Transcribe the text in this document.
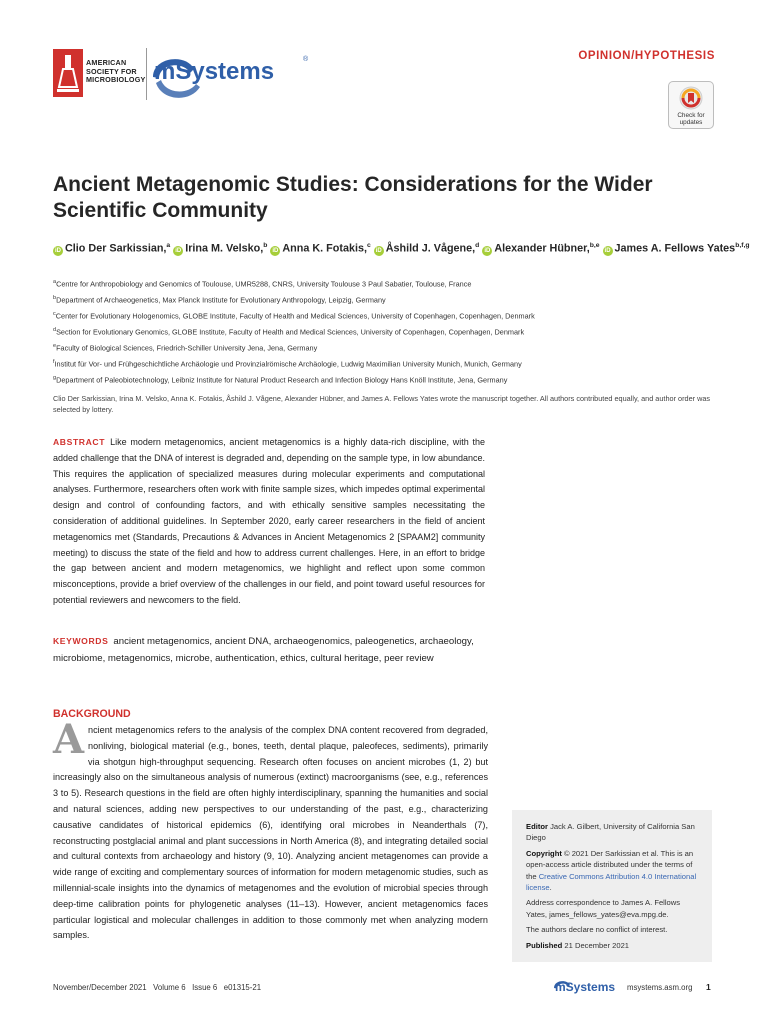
AMERICAN SOCIETY FOR MICROBIOLOGY mSystems	®	OPINION/HYPOTHESIS
Check for updates
Ancient Metagenomic Studies: Considerations for the Wider Scientific Community
iD Clio Der Sarkissian,$^a$ iD Irina M. Velsko,$^b$ iD Anna K. Fotakis,$^c$ iD Åshild J. Vågene,$^d$ iD Alexander Hübner,$^{b,e}$ iD James A. Fellows Yates$^{b,f,g}$
$^a$Centre for Anthropobiology and Genomics of Toulouse, UMR5288, CNRS, University Toulouse 3 Paul Sabatier, Toulouse, France
$^b$Department of Archaeogenetics, Max Planck Institute for Evolutionary Anthropology, Leipzig, Germany
$^c$Center for Evolutionary Hologenomics, GLOBE Institute, Faculty of Health and Medical Sciences, University of Copenhagen, Copenhagen, Denmark
$^d$Section for Evolutionary Genomics, GLOBE Institute, Faculty of Health and Medical Sciences, University of Copenhagen, Copenhagen, Denmark
$^e$Faculty of Biological Sciences, Friedrich-Schiller University Jena, Jena, Germany
$^f$Institut für Vor- und Frühgeschichtliche Archäologie und Provinzialrömische Archäologie, Ludwig Maximilian University Munich, Munich, Germany
$^g$Department of Paleobiotechnology, Leibniz Institute for Natural Product Research and Infection Biology Hans Knöll Institute, Jena, Germany
Clio Der Sarkissian, Irina M. Velsko, Anna K. Fotakis, Åshild J. Vågene, Alexander Hübner, and James A. Fellows Yates wrote the manuscript together. All authors contributed equally, and author order was selected by lottery.
ABSTRACT Like modern metagenomics, ancient metagenomics is a highly data-rich discipline, with the added challenge that the DNA of interest is degraded and, depending on the sample type, in low abundance. This requires the application of specialized measures during molecular experiments and computational analyses. Furthermore, researchers often work with finite sample sizes, which impedes optimal experimental design and control of confounding factors, and with ethically sensitive samples necessitating the consideration of additional guidelines. In September 2020, early career researchers in the field of ancient metagenomics met (Standards, Precautions & Advances in Ancient Metagenomics 2 [SPAAM2] community meeting) to discuss the state of the field and how to address current challenges. Here, in an effort to bridge the gap between ancient and modern metagenomics, we highlight and reflect upon some common misconceptions, provide a brief overview of the challenges in our field, and point toward useful resources for potential reviewers and newcomers to the field.
KEYWORDS ancient metagenomics, ancient DNA, archaeogenomics, paleogenetics, archaeology, microbiome, metagenomics, microbe, authentication, ethics, cultural heritage, peer review
BACKGROUND
Ancient metagenomics refers to the analysis of the complex DNA content recovered from degraded, nonliving, biological material (e.g., bones, teeth, dental plaque, paleofeces, sediments), primarily via shotgun high-throughput sequencing. Research often focuses on ancient microbes (1, 2) but increasingly also on the simultaneous analysis of numerous (extinct) macroorganisms (see, e.g., references 3 to 5). Research questions in the field are often highly interdisciplinary, spanning the humanities and social and natural sciences, adding new perspectives to our understanding of the past, e.g., characterizing causative candidates of historical epidemics (6), identifying oral microbes in Neanderthals (7), reconstructing postglacial animal and plant successions in North America (8), and integrating detailed social and cultural contexts from archaeology and history (9, 10). Analyzing ancient metagenomes can provide a wide range of exciting and complementary sources of information for modern metagenomic studies, such as millennial-scale insights into the dynamics of metagenomes and the evolution of microbial species through deep-time calibration points for phylogenetic analyses (11–13). However, ancient metagenomics faces particular logistical and molecular challenges in addition to those commonly met when analyzing modern samples.

Editor Jack A. Gilbert, University of California San Diego

Copyright © 2021 Der Sarkissian et al. This is an open-access article distributed under the terms of the Creative Commons Attribution 4.0 International license.

Address correspondence to James A. Fellows Yates, james_fellows_yates@eva.mpg.de.

The authors declare no conflict of interest.

Published 21 December 2021

November/December 2021   Volume 6   Issue 6   e01315-21	mSystems msystems.asm.org 1
